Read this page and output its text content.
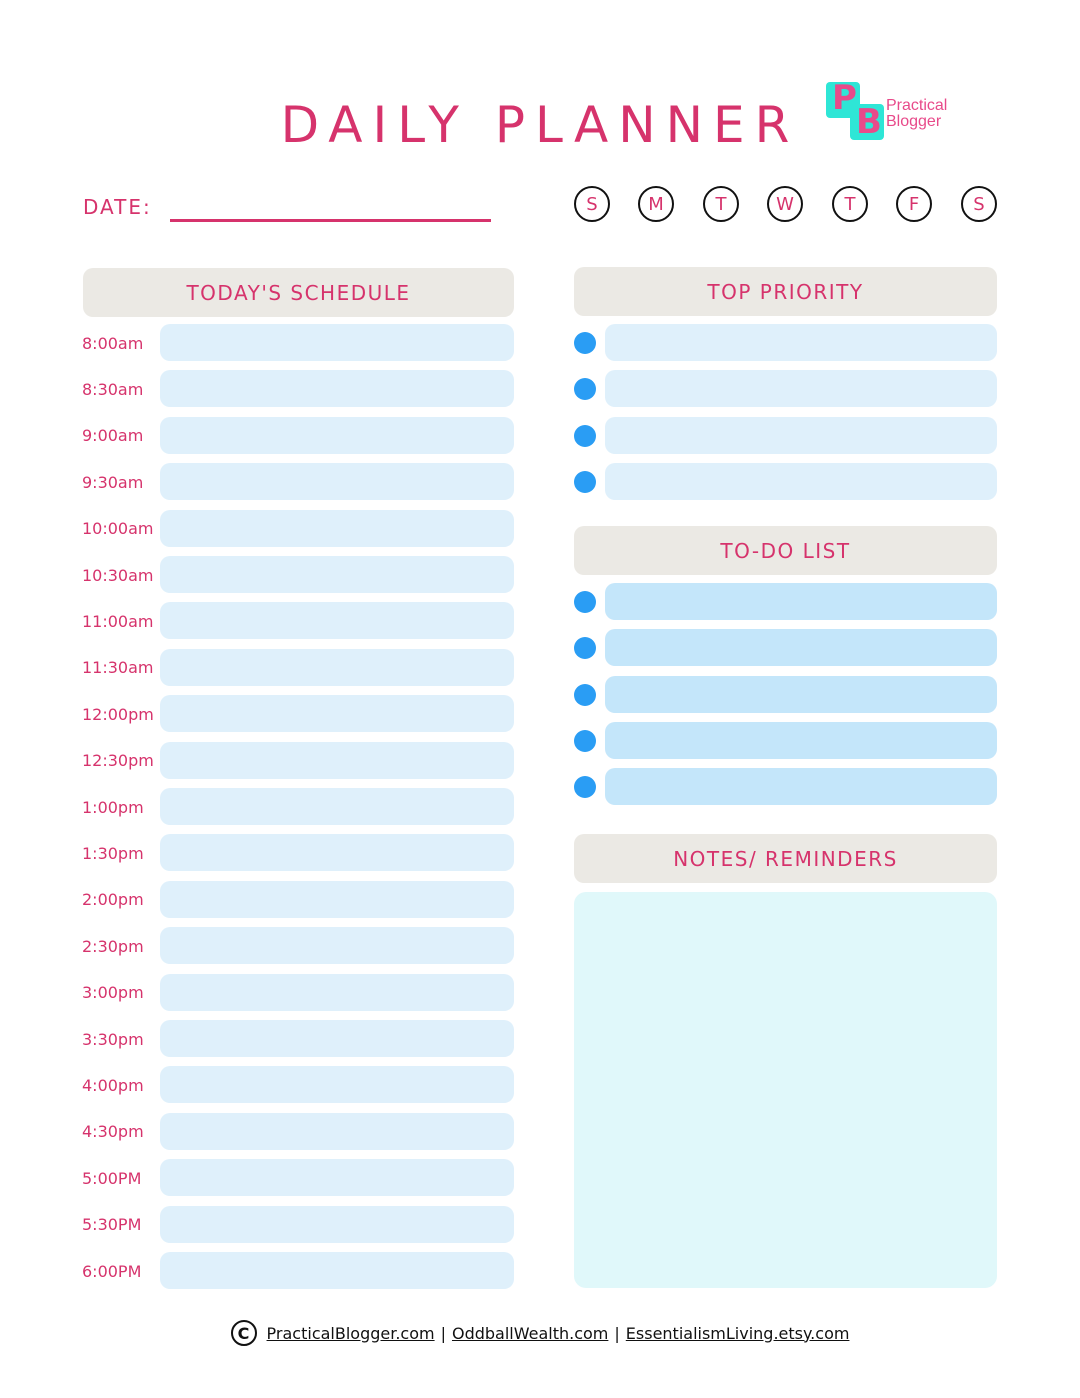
DAILY PLANNER P
B Practical
Blogger
DATE:	S	M	T	W	T	F	S
TODAY'S SCHEDULE
8:00am
8:30am
9:00am
9:30am
10:00am
10:30am
11:00am
11:30am
12:00pm
12:30pm
1:00pm
1:30pm
2:00pm
2:30pm
3:00pm
3:30pm
4:00pm
4:30pm
5:00PM
5:30PM
6:00PM
TOP PRIORITY
TO-DO LIST
NOTES/ REMINDERS
C	PracticalBlogger.com | OddballWealth.com | EssentialismLiving.etsy.com
